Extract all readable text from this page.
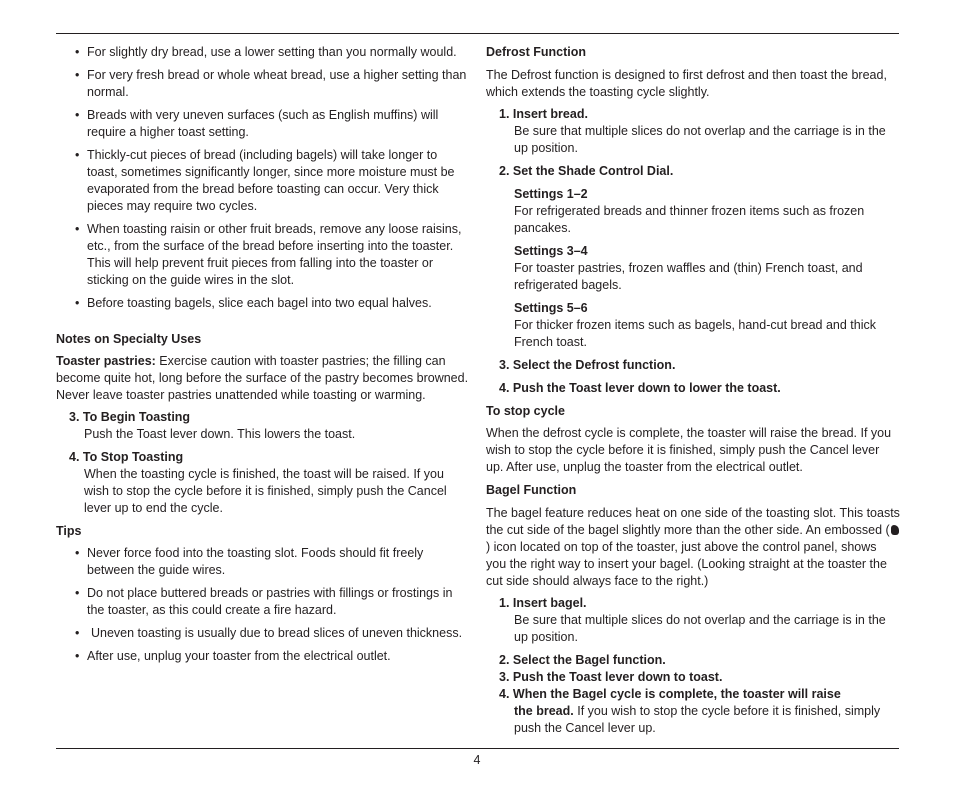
• For slightly dry bread, use a lower setting than you normally would.
• For very fresh bread or whole wheat bread, use a higher setting than normal.
• Breads with very uneven surfaces (such as English muffins) will require a higher toast setting.
• Thickly-cut pieces of bread (including bagels) will take longer to toast, sometimes significantly longer, since more moisture must be evaporated from the bread before toasting can occur. Very thick pieces may require two cycles.
• When toasting raisin or other fruit breads, remove any loose raisins, etc., from the surface of the bread before inserting into the toaster. This will help prevent fruit pieces from falling into the toaster or sticking on the guide wires in the slot.
• Before toasting bagels, slice each bagel into two equal halves.

Notes on Specialty Uses

Toaster pastries: Exercise caution with toaster pastries; the filling can become quite hot, long before the surface of the pastry becomes browned. Never leave toaster pastries unattended while toasting or warming.

3. To Begin Toasting

Push the Toast lever down. This lowers the toast.

4. To Stop Toasting

When the toasting cycle is finished, the toast will be raised. If you wish to stop the cycle before it is finished, simply push the Cancel lever up to end the cycle.

Tips

• Never force food into the toasting slot. Foods should fit freely between the guide wires.
• Do not place buttered breads or pastries with fillings or frostings in the toaster, as this could create a fire hazard.
• Uneven toasting is usually due to bread slices of uneven thickness.
• After use, unplug your toaster from the electrical outlet.

Defrost Function

The Defrost function is designed to first defrost and then toast the bread, which extends the toasting cycle slightly.

1. Insert bread.

Be sure that multiple slices do not overlap and the carriage is in the up position.

2. Set the Shade Control Dial.

Settings 1–2

For refrigerated breads and thinner frozen items such as frozen pancakes.

Settings 3–4

For toaster pastries, frozen waffles and (thin) French toast, and refrigerated bagels.

Settings 5–6

For thicker frozen items such as bagels, hand-cut bread and thick French toast.

3. Select the Defrost function.

4. Push the Toast lever down to lower the toast.

To stop cycle

When the defrost cycle is complete, the toaster will raise the bread. If you wish to stop the cycle before it is finished, simply push the Cancel lever up. After use, unplug the toaster from the electrical outlet.

Bagel Function

The bagel feature reduces heat on one side of the toasting slot. This toasts the cut side of the bagel slightly more than the other side. An embossed () icon located on top of the toaster, just above the control panel, shows you the right way to insert your bagel. (Looking straight at the toaster the cut side should always face to the right.)

1. Insert bagel.

Be sure that multiple slices do not overlap and the carriage is in the up position.

2. Select the Bagel function.

3. Push the Toast lever down to toast.

4. When the Bagel cycle is complete, the toaster will raise

the bread. If you wish to stop the cycle before it is finished, simply push the Cancel lever up.

4
